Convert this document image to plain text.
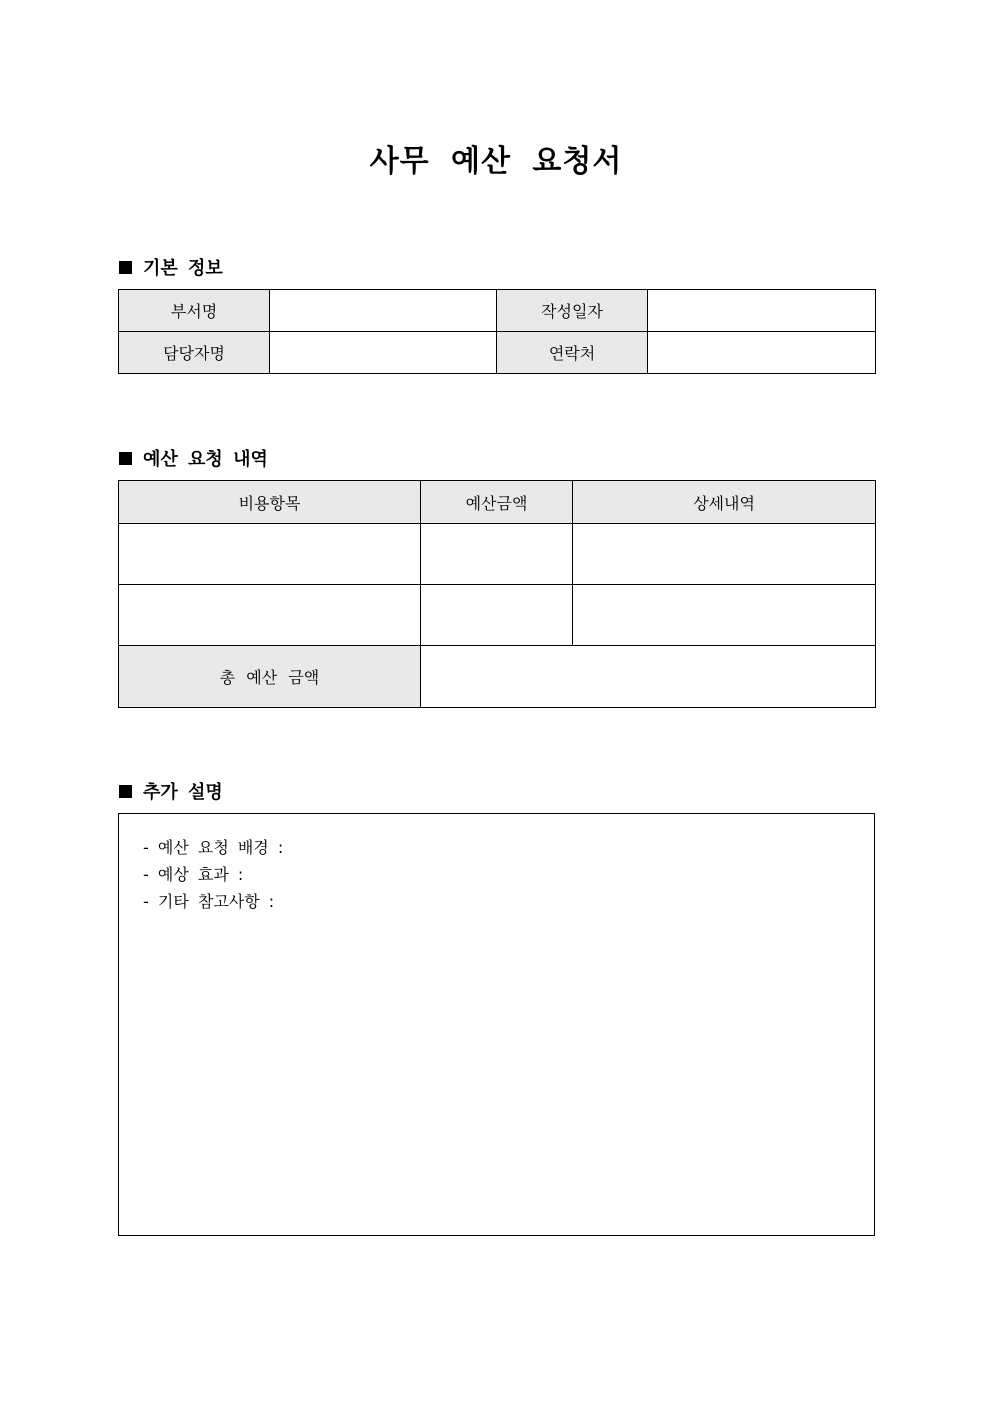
사무 예산 요청서
기본 정보
부서명		작성일자	
담당자명		연락처	
예산 요청 내역
비용항목	예산금액	상세내역

총 예산 금액		
추가 설명
- 예산 요청 배경 :
- 예상 효과 :
- 기타 참고사항 :
